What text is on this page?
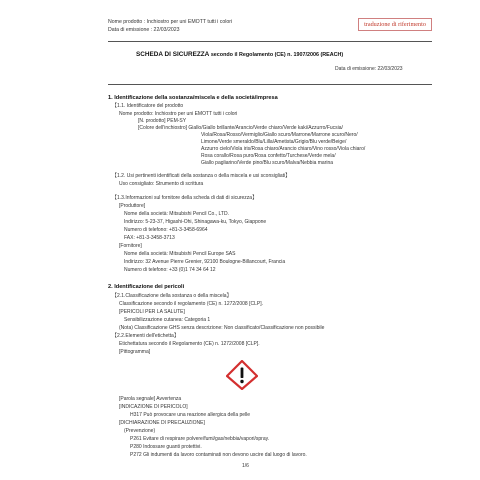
Nome prodotto : Inchiostro per uni EMOTT tutti i colori
Data di emissione : 22/03/2023
traduzione di riferimento
SCHEDA DI SICUREZZA secondo il Regolamento (CE) n. 1907/2006 (REACH)
Data di emissione: 22/03/2023
1. Identificazione della sostanza/miscela e della società/impresa
【1.1. Identificatore del prodotto
Nome prodotto: Inchiostro per uni EMOTT tutti i colori
[N. prodotto] PEM-SY
[Colore dell'inchiostro] Giallo/Giallo brillante/Arancio/Verde chiaro/Verde kaki/Azzurro/Fucsia/
Viola/Rosa/Rosso/Vermiglio/Giallo scuro/Marrone/Marrone scuro/Nero/
Limone/Verde smeraldo/Blu/Lilla/Ametista/Grigio/Blu verde/Beige/
Azzurro cielo/Viola iris/Rosa chiaro/Arancio chiaro/Vino rosso/Viola chiaro/
Rosa corallo/Rosa puro/Rosa confetto/Turchese/Verde mela/
Giallo pagliarino/Verde pino/Blu scuro/Malva/Nebbia marina
【1.2. Usi pertinenti identificati della sostanza o della miscela e usi sconsigliati】
Uso consigliato: Strumento di scrittura
【1.3.Informazioni sul fornitore della scheda di dati di sicurezza】
[Produttore]
Nome della società: Mitsubishi Pencil Co., LTD.
Indirizzo: 5-23-37, Higashi-Ohi, Shinagawa-ku, Tokyo, Giappone
Numero di telefono: +81-3-3458-6964
FAX: +81-3-3458-3713
[Fornitore]
Nome della società: Mitsubishi Pencil Europe SAS
Indirizzo: 32 Avenue Pierre Grenier, 92100 Boulogne-Billancourt, Francia
Numero di telefono: +33 (0)1 74 34 64 12
2. Identificazione dei pericoli
【2.1.Classificazione della sostanza o della miscela】
Classificazione secondo il regolamento (CE) n. 1272/2008 [CLP].
[PERICOLI PER LA SALUTE]
Sensibilizzazione cutanea: Categoria 1
(Nota) Classificazione GHS senza descrizione: Non classificato/Classificazione non possibile
【2.2.Elementi dell'etichetta】
Etichettatura secondo il Regolamento (CE) n. 1272/2008 [CLP].
[Pittogramma]
[Parola segnale] Avvertenza
[INDICAZIONE DI PERICOLO]
H317 Può provocare una reazione allergica della pelle
[DICHIARAZIONE DI PRECAUZIONE]
(Prevenzione)
P261 Evitare di respirare polvere/fumi/gas/nebbia/vapori/spray.
P280 Indossare guanti protettivi.
P272 Gli indumenti da lavoro contaminati non devono uscire dal luogo di lavoro.
1/6
